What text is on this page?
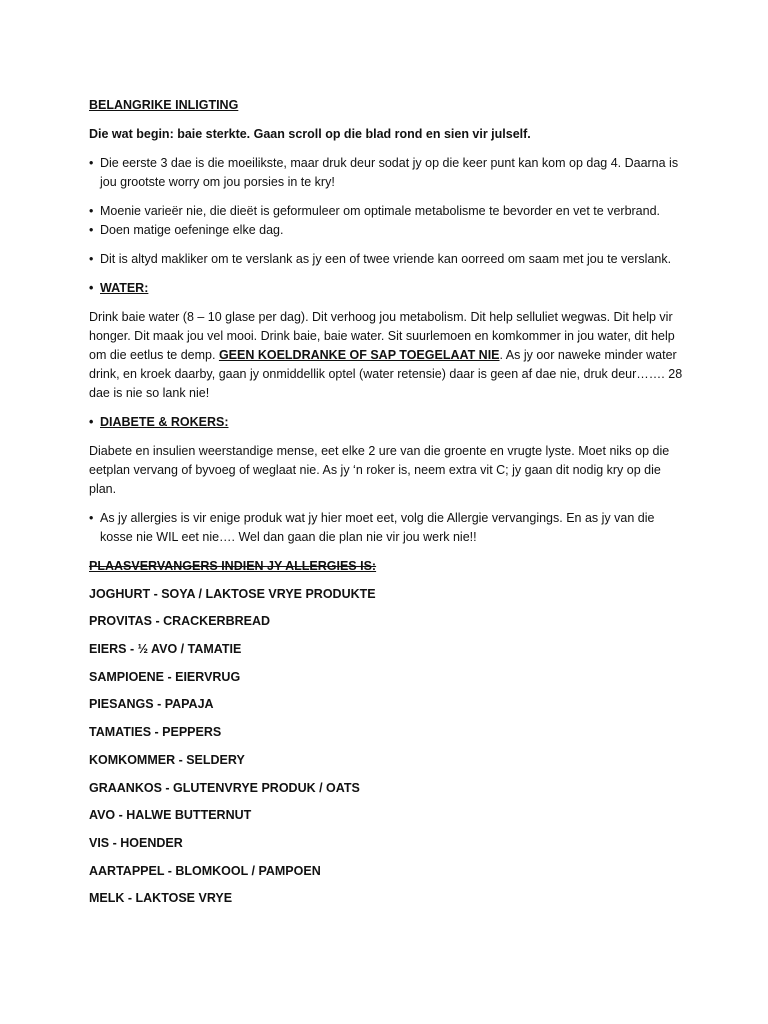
BELANGRIKE INLIGTING

Die wat begin: baie sterkte. Gaan scroll op die blad rond en sien vir julself.

• Die eerste 3 dae is die moeilikste, maar druk deur sodat jy op die keer punt kan kom op dag 4. Daarna is jou grootste worry om jou porsies in te kry!
• Moenie varieër nie, die dieët is geformuleer om optimale metabolisme te bevorder en vet te verbrand.
• Doen matige oefeninge elke dag.
• Dit is altyd makliker om te verslank as jy een of twee vriende kan oorreed om saam met jou te verslank.
• WATER:

Drink baie water (8 – 10 glase per dag). Dit verhoog jou metabolism. Dit help selluliet wegwas. Dit help vir honger. Dit maak jou vel mooi. Drink baie, baie water. Sit suurlemoen en komkommer in jou water, dit help om die eetlus te demp. GEEN KOELDRANKE OF SAP TOEGELAAT NIE. As jy oor naweke minder water drink, en kroek daarby, gaan jy onmiddellik optel (water retensie) daar is geen af dae nie, druk deur……. 28 dae is nie so lank nie!

• DIABETE & ROKERS:

Diabete en insulien weerstandige mense, eet elke 2 ure van die groente en vrugte lyste. Moet niks op die eetplan vervang of byvoeg of weglaat nie. As jy ‘n roker is, neem extra vit C; jy gaan dit nodig kry op die plan.

• As jy allergies is vir enige produk wat jy hier moet eet, volg die Allergie vervangings. En as jy van die kosse nie WIL eet nie…. Wel dan gaan die plan nie vir jou werk nie!!

PLAASVERVANGERS INDIEN JY ALLERGIES IS:

JOGHURT - SOYA / LAKTOSE VRYE PRODUKTE

PROVITAS - CRACKERBREAD

EIERS - ½ AVO / TAMATIE

SAMPIOENE - EIERVRUG

PIESANGS - PAPAJA

TAMATIES - PEPPERS

KOMKOMMER - SELDERY

GRAANKOS - GLUTENVRYE PRODUK / OATS

AVO - HALWE BUTTERNUT

VIS - HOENDER

AARTAPPEL - BLOMKOOL / PAMPOEN

MELK - LAKTOSE VRYE
